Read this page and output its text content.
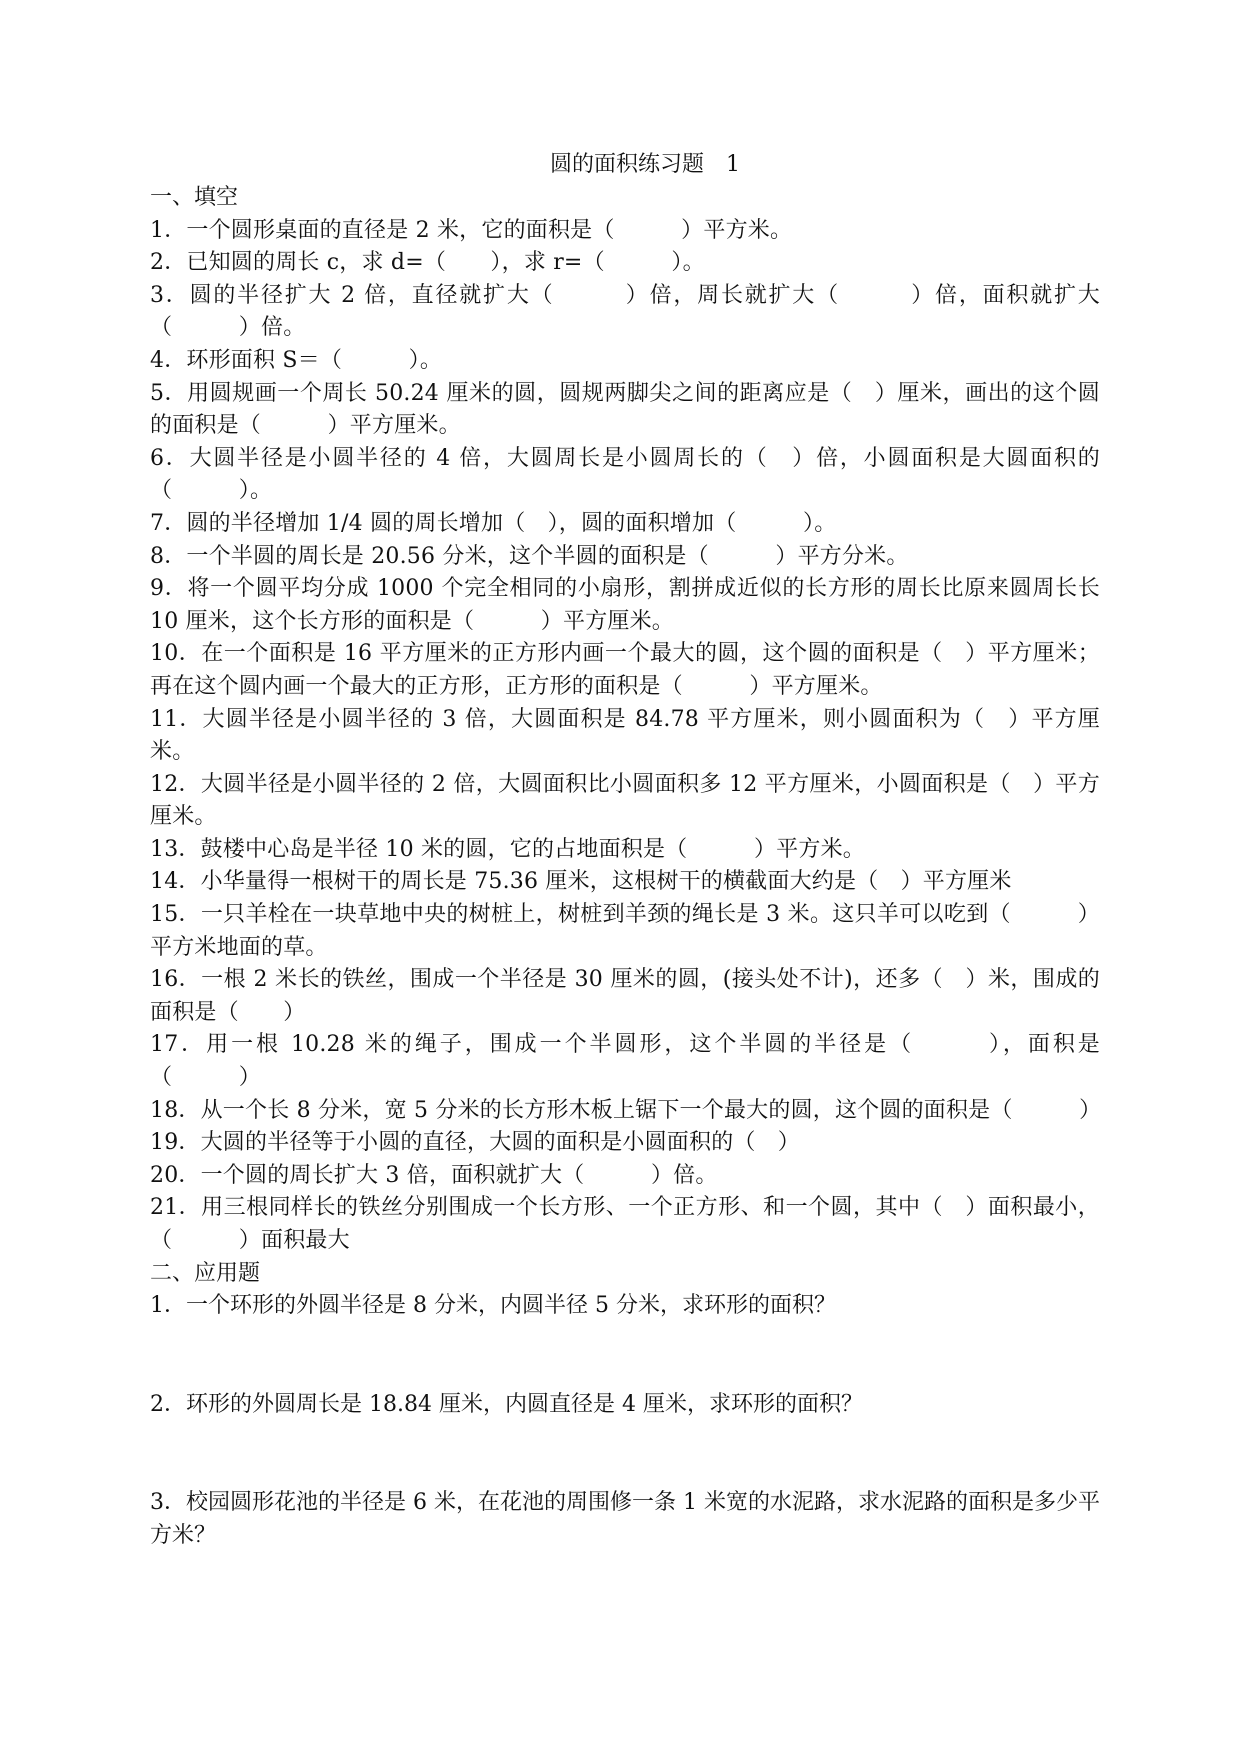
圆的面积练习题　1
一、填空
1．一个圆形桌面的直径是 2 米，它的面积是（　　　）平方米。
2．已知圆的周长 c，求 d=（　　），求 r=（　　　）。
3．圆的半径扩大 2 倍，直径就扩大（　　　）倍，周长就扩大（　　　）倍，面积就扩大（　　　）倍。
4．环形面积 S＝（　　　）。
5．用圆规画一个周长 50.24 厘米的圆，圆规两脚尖之间的距离应是（　）厘米，画出的这个圆的面积是（　　　）平方厘米。
6．大圆半径是小圆半径的 4 倍，大圆周长是小圆周长的（　）倍，小圆面积是大圆面积的（　　　）。
7．圆的半径增加 1/4 圆的周长增加（　），圆的面积增加（　　　）。
8．一个半圆的周长是 20.56 分米，这个半圆的面积是（　　　）平方分米。
9．将一个圆平均分成 1000 个完全相同的小扇形，割拼成近似的长方形的周长比原来圆周长长 10 厘米，这个长方形的面积是（　　　）平方厘米。
10．在一个面积是 16 平方厘米的正方形内画一个最大的圆，这个圆的面积是（　）平方厘米；再在这个圆内画一个最大的正方形，正方形的面积是（　　　）平方厘米。
11．大圆半径是小圆半径的 3 倍，大圆面积是 84.78 平方厘米，则小圆面积为（　）平方厘米。
12．大圆半径是小圆半径的 2 倍，大圆面积比小圆面积多 12 平方厘米，小圆面积是（　）平方厘米。
13．鼓楼中心岛是半径 10 米的圆，它的占地面积是（　　　）平方米。
14．小华量得一根树干的周长是 75.36 厘米，这根树干的横截面大约是（　）平方厘米
15．一只羊栓在一块草地中央的树桩上，树桩到羊颈的绳长是 3 米。这只羊可以吃到（　　　）平方米地面的草。
16．一根 2 米长的铁丝，围成一个半径是 30 厘米的圆，(接头处不计)，还多（　）米，围成的面积是（　　）
17．用一根 10.28 米的绳子，围成一个半圆形，这个半圆的半径是（　　　），面积是（　　　）
18．从一个长 8 分米，宽 5 分米的长方形木板上锯下一个最大的圆，这个圆的面积是（　　　）
19．大圆的半径等于小圆的直径，大圆的面积是小圆面积的（　）
20．一个圆的周长扩大 3 倍，面积就扩大（　　　）倍。
21．用三根同样长的铁丝分别围成一个长方形、一个正方形、和一个圆，其中（　）面积最小，（　　　）面积最大
二、应用题
1．一个环形的外圆半径是 8 分米，内圆半径 5 分米，求环形的面积？
2．环形的外圆周长是 18.84 厘米，内圆直径是 4 厘米，求环形的面积？
3．校园圆形花池的半径是 6 米，在花池的周围修一条 1 米宽的水泥路，求水泥路的面积是多少平方米？
